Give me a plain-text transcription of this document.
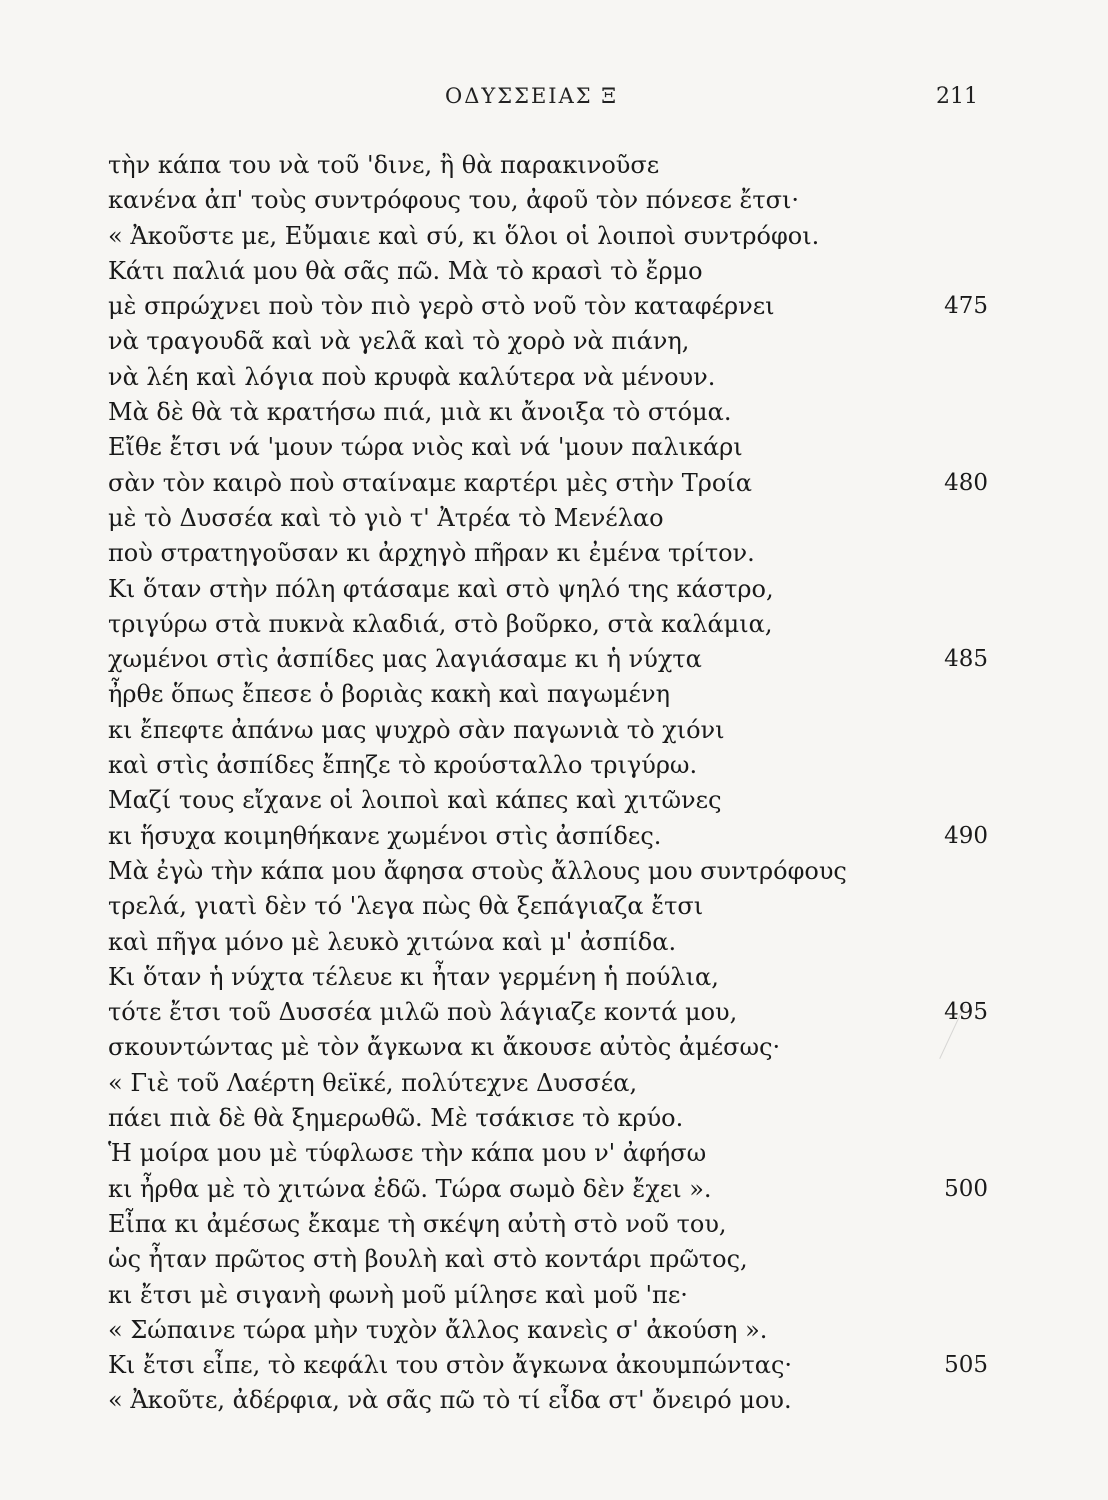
ΟΔΥΣΣΕΙΑΣ Ξ	211
τὴν κάπα του νὰ τοῦ 'δινε, ἢ θὰ παρακινοῦσε
κανένα ἀπ' τοὺς συντρόφους του, ἀφοῦ τὸν πόνεσε ἔτσι·
« Ἀκοῦστε με, Εὔμαιε καὶ σύ, κι ὅλοι οἱ λοιποὶ συντρόφοι.
Κάτι παλιά μου θὰ σᾶς πῶ. Μὰ τὸ κρασὶ τὸ ἔρμο
μὲ σπρώχνει ποὺ τὸν πιὸ γερὸ στὸ νοῦ τὸν καταφέρνει	475
νὰ τραγουδᾶ καὶ νὰ γελᾶ καὶ τὸ χορὸ νὰ πιάνη,
νὰ λέη καὶ λόγια ποὺ κρυφὰ καλύτερα νὰ μένουν.
Μὰ δὲ θὰ τὰ κρατήσω πιά, μιὰ κι ἄνοιξα τὸ στόμα.
Εἴθε ἔτσι νά 'μουν τώρα νιὸς καὶ νά 'μουν παλικάρι
σὰν τὸν καιρὸ ποὺ σταίναμε καρτέρι μὲς στὴν Τροία	480
μὲ τὸ Δυσσέα καὶ τὸ γιὸ τ' Ἀτρέα τὸ Μενέλαο
ποὺ στρατηγοῦσαν κι ἀρχηγὸ πῆραν κι ἐμένα τρίτον.
Κι ὅταν στὴν πόλη φτάσαμε καὶ στὸ ψηλό της κάστρο,
τριγύρω στὰ πυκνὰ κλαδιά, στὸ βοῦρκο, στὰ καλάμια,
χωμένοι στὶς ἀσπίδες μας λαγιάσαμε κι ἡ νύχτα	485
ἦρθε ὅπως ἔπεσε ὁ βοριὰς κακὴ καὶ παγωμένη
κι ἔπεφτε ἀπάνω μας ψυχρὸ σὰν παγωνιὰ τὸ χιόνι
καὶ στὶς ἀσπίδες ἔπηζε τὸ κρούσταλλο τριγύρω.
Μαζί τους εἴχανε οἱ λοιποὶ καὶ κάπες καὶ χιτῶνες
κι ἥσυχα κοιμηθήκανε χωμένοι στὶς ἀσπίδες.	490
Μὰ ἐγὼ τὴν κάπα μου ἄφησα στοὺς ἄλλους μου συντρόφους
τρελά, γιατὶ δὲν τό 'λεγα πὼς θὰ ξεπάγιαζα ἔτσι
καὶ πῆγα μόνο μὲ λευκὸ χιτώνα καὶ μ' ἀσπίδα.
Κι ὅταν ἡ νύχτα τέλευε κι ἦταν γερμένη ἡ πούλια,
τότε ἔτσι τοῦ Δυσσέα μιλῶ ποὺ λάγιαζε κοντά μου,	495
σκουντώντας μὲ τὸν ἄγκωνα κι ἄκουσε αὐτὸς ἀμέσως·
« Γιὲ τοῦ Λαέρτη θεϊκέ, πολύτεχνε Δυσσέα,
πάει πιὰ δὲ θὰ ξημερωθῶ. Μὲ τσάκισε τὸ κρύο.
Ἡ μοίρα μου μὲ τύφλωσε τὴν κάπα μου ν' ἀφήσω
κι ἦρθα μὲ τὸ χιτώνα ἐδῶ. Τώρα σωμὸ δὲν ἔχει ».	500
Εἶπα κι ἀμέσως ἔκαμε τὴ σκέψη αὐτὴ στὸ νοῦ του,
ὡς ἦταν πρῶτος στὴ βουλὴ καὶ στὸ κοντάρι πρῶτος,
κι ἔτσι μὲ σιγανὴ φωνὴ μοῦ μίλησε καὶ μοῦ 'πε·
« Σώπαινε τώρα μὴν τυχὸν ἄλλος κανεὶς σ' ἀκούση ».
Κι ἔτσι εἶπε, τὸ κεφάλι του στὸν ἄγκωνα ἀκουμπώντας·	505
« Ἀκοῦτε, ἀδέρφια, νὰ σᾶς πῶ τὸ τί εἶδα στ' ὄνειρό μου.
